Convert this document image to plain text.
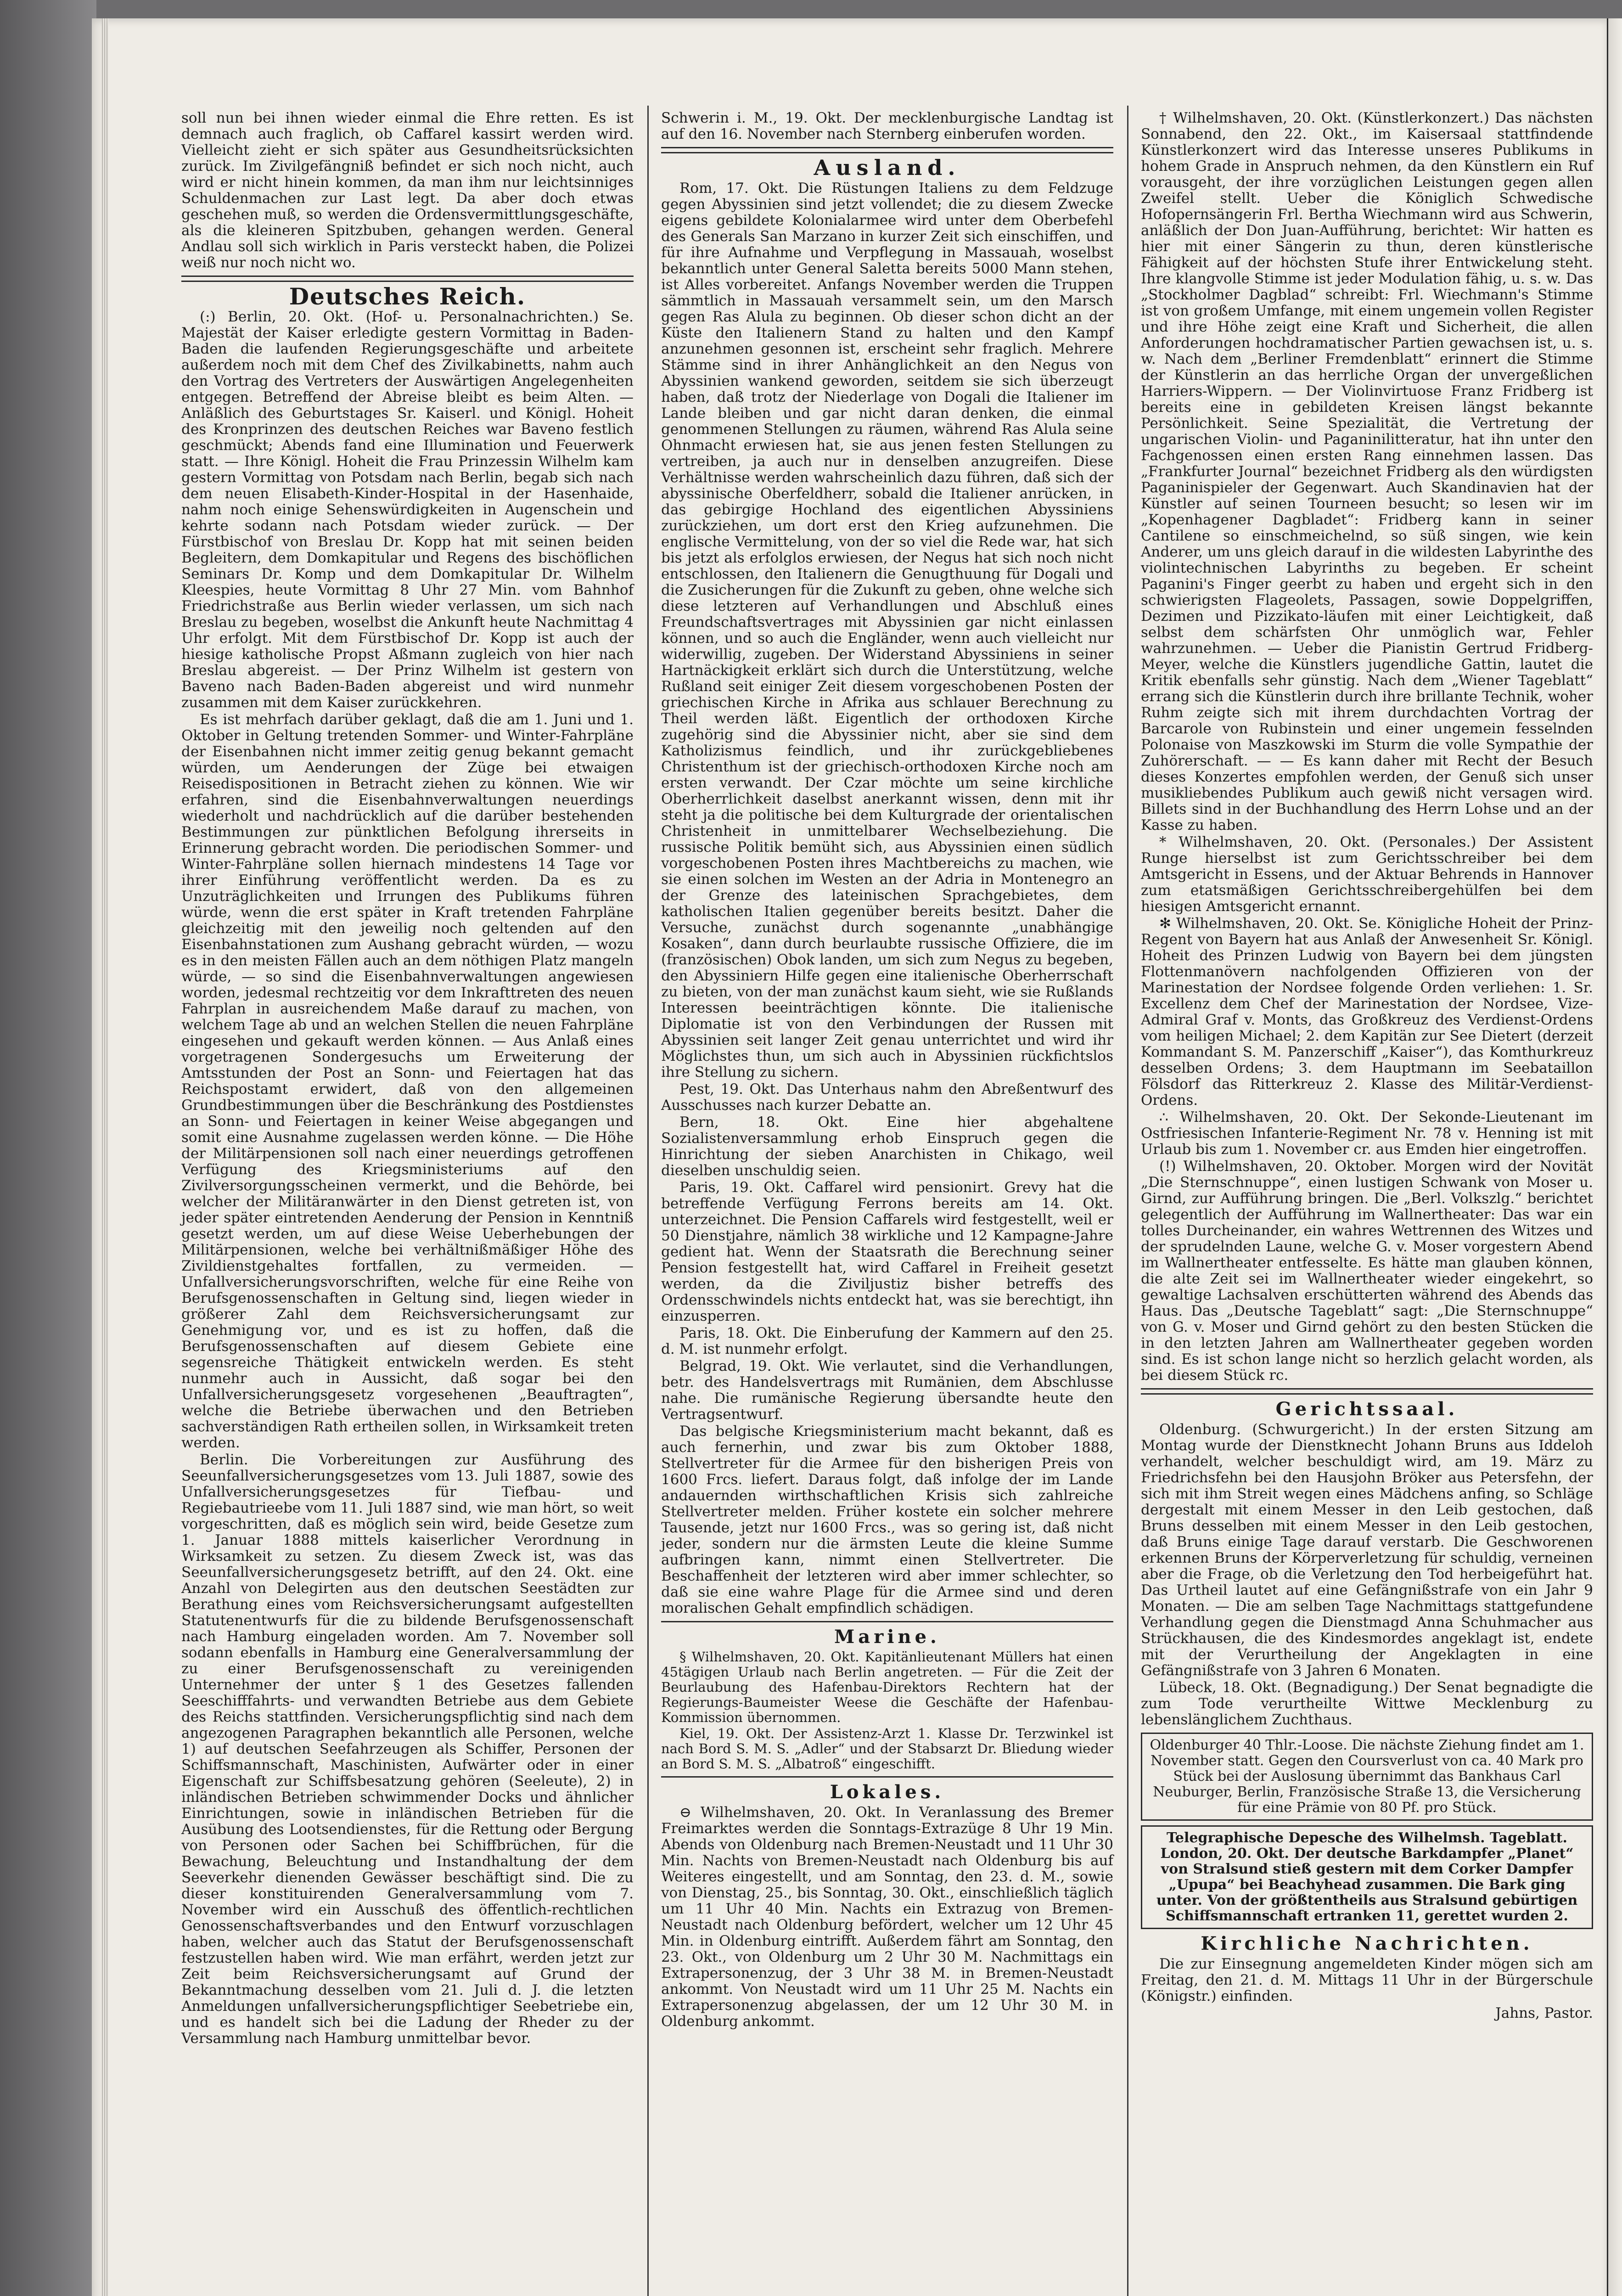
soll nun bei ihnen wieder einmal die Ehre retten. Es ist demnach auch fraglich, ob Caffarel kassirt werden wird. Vielleicht zieht er sich später aus Gesundheitsrücksichten zurück. Im Zivilgefängniß befindet er sich noch nicht, auch wird er nicht hinein kommen, da man ihm nur leichtsinniges Schuldenmachen zur Last legt. Da aber doch etwas geschehen muß, so werden die Ordensvermittlungsgeschäfte, als die kleineren Spitzbuben, gehangen werden. General Andlau soll sich wirklich in Paris versteckt haben, die Polizei weiß nur noch nicht wo.

Deutsches Reich.

(:) Berlin, 20. Okt. (Hof- u. Personalnachrichten.) Se. Majestät der Kaiser erledigte gestern Vormittag in Baden-Baden die laufenden Regierungsgeschäfte und arbeitete außerdem noch mit dem Chef des Zivilkabinetts, nahm auch den Vortrag des Vertreters der Auswärtigen Angelegenheiten entgegen. Betreffend der Abreise bleibt es beim Alten. — Anläßlich des Geburtstages Sr. Kaiserl. und Königl. Hoheit des Kronprinzen des deutschen Reiches war Baveno festlich geschmückt; Abends fand eine Illumination und Feuerwerk statt. — Ihre Königl. Hoheit die Frau Prinzessin Wilhelm kam gestern Vormittag von Potsdam nach Berlin, begab sich nach dem neuen Elisabeth-Kinder-Hospital in der Hasenhaide, nahm noch einige Sehenswürdigkeiten in Augenschein und kehrte sodann nach Potsdam wieder zurück. — Der Fürstbischof von Breslau Dr. Kopp hat mit seinen beiden Begleitern, dem Domkapitular und Regens des bischöflichen Seminars Dr. Komp und dem Domkapitular Dr. Wilhelm Kleespies, heute Vormittag 8 Uhr 27 Min. vom Bahnhof Friedrichstraße aus Berlin wieder verlassen, um sich nach Breslau zu begeben, woselbst die Ankunft heute Nachmittag 4 Uhr erfolgt. Mit dem Fürstbischof Dr. Kopp ist auch der hiesige katholische Propst Aßmann zugleich von hier nach Breslau abgereist. — Der Prinz Wilhelm ist gestern von Baveno nach Baden-Baden abgereist und wird nunmehr zusammen mit dem Kaiser zurückkehren.

Es ist mehrfach darüber geklagt, daß die am 1. Juni und 1. Oktober in Geltung tretenden Sommer- und Winter-Fahrpläne der Eisenbahnen nicht immer zeitig genug bekannt gemacht würden, um Aenderungen der Züge bei etwaigen Reisedispositionen in Betracht ziehen zu können. Wie wir erfahren, sind die Eisenbahnverwaltungen neuerdings wiederholt und nachdrücklich auf die darüber bestehenden Bestimmungen zur pünktlichen Befolgung ihrerseits in Erinnerung gebracht worden. Die periodischen Sommer- und Winter-Fahrpläne sollen hiernach mindestens 14 Tage vor ihrer Einführung veröffentlicht werden. Da es zu Unzuträglichkeiten und Irrungen des Publikums führen würde, wenn die erst später in Kraft tretenden Fahrpläne gleichzeitig mit den jeweilig noch geltenden auf den Eisenbahnstationen zum Aushang gebracht würden, — wozu es in den meisten Fällen auch an dem nöthigen Platz mangeln würde, — so sind die Eisenbahnverwaltungen angewiesen worden, jedesmal rechtzeitig vor dem Inkrafttreten des neuen Fahrplan in ausreichendem Maße darauf zu machen, von welchem Tage ab und an welchen Stellen die neuen Fahrpläne eingesehen und gekauft werden können. — Aus Anlaß eines vorgetragenen Sondergesuchs um Erweiterung der Amtsstunden der Post an Sonn- und Feiertagen hat das Reichspostamt erwidert, daß von den allgemeinen Grundbestimmungen über die Beschränkung des Postdienstes an Sonn- und Feiertagen in keiner Weise abgegangen und somit eine Ausnahme zugelassen werden könne. — Die Höhe der Militärpensionen soll nach einer neuerdings getroffenen Verfügung des Kriegsministeriums auf den Zivilversorgungsscheinen vermerkt, und die Behörde, bei welcher der Militäranwärter in den Dienst getreten ist, von jeder später eintretenden Aenderung der Pension in Kenntniß gesetzt werden, um auf diese Weise Ueberhebungen der Militärpensionen, welche bei verhältnißmäßiger Höhe des Zivildienstgehaltes fortfallen, zu vermeiden. — Unfallversicherungsvorschriften, welche für eine Reihe von Berufsgenossenschaften in Geltung sind, liegen wieder in größerer Zahl dem Reichsversicherungsamt zur Genehmigung vor, und es ist zu hoffen, daß die Berufsgenossenschaften auf diesem Gebiete eine segensreiche Thätigkeit entwickeln werden. Es steht nunmehr auch in Aussicht, daß sogar bei den Unfallversicherungsgesetz vorgesehenen „Beauftragten“, welche die Betriebe überwachen und den Betrieben sachverständigen Rath ertheilen sollen, in Wirksamkeit treten werden.

Berlin. Die Vorbereitungen zur Ausführung des Seeunfallversicherungsgesetzes vom 13. Juli 1887, sowie des Unfallversicherungsgesetzes für Tiefbau- und Regiebautrieebe vom 11. Juli 1887 sind, wie man hört, so weit vorgeschritten, daß es möglich sein wird, beide Gesetze zum 1. Januar 1888 mittels kaiserlicher Verordnung in Wirksamkeit zu setzen. Zu diesem Zweck ist, was das Seeunfallversicherungsgesetz betrifft, auf den 24. Okt. eine Anzahl von Delegirten aus den deutschen Seestädten zur Berathung eines vom Reichsversicherungsamt aufgestellten Statutenentwurfs für die zu bildende Berufsgenossenschaft nach Hamburg eingeladen worden. Am 7. November soll sodann ebenfalls in Hamburg eine Generalversammlung der zu einer Berufsgenossenschaft zu vereinigenden Unternehmer der unter § 1 des Gesetzes fallenden Seeschifffahrts- und verwandten Betriebe aus dem Gebiete des Reichs stattfinden. Versicherungspflichtig sind nach dem angezogenen Paragraphen bekanntlich alle Personen, welche 1) auf deutschen Seefahrzeugen als Schiffer, Personen der Schiffsmannschaft, Maschinisten, Aufwärter oder in einer Eigenschaft zur Schiffsbesatzung gehören (Seeleute), 2) in inländischen Betrieben schwimmender Docks und ähnlicher Einrichtungen, sowie in inländischen Betrieben für die Ausübung des Lootsendienstes, für die Rettung oder Bergung von Personen oder Sachen bei Schiffbrüchen, für die Bewachung, Beleuchtung und Instandhaltung der dem Seeverkehr dienenden Gewässer beschäftigt sind. Die zu dieser konstituirenden Generalversammlung vom 7. November wird ein Ausschuß des öffentlich-rechtlichen Genossenschaftsverbandes und den Entwurf vorzuschlagen haben, welcher auch das Statut der Berufsgenossenschaft festzustellen haben wird. Wie man erfährt, werden jetzt zur Zeit beim Reichsversicherungsamt auf Grund der Bekanntmachung desselben vom 21. Juli d. J. die letzten Anmeldungen unfallversicherungspflichtiger Seebetriebe ein, und es handelt sich bei die Ladung der Rheder zu der Versammlung nach Hamburg unmittelbar bevor.

Schwerin i. M., 19. Okt. Der mecklenburgische Landtag ist auf den 16. November nach Sternberg einberufen worden.

Ausland.

Rom, 17. Okt. Die Rüstungen Italiens zu dem Feldzuge gegen Abyssinien sind jetzt vollendet; die zu diesem Zwecke eigens gebildete Kolonialarmee wird unter dem Oberbefehl des Generals San Marzano in kurzer Zeit sich einschiffen, und für ihre Aufnahme und Verpflegung in Massauah, woselbst bekanntlich unter General Saletta bereits 5000 Mann stehen, ist Alles vorbereitet. Anfangs November werden die Truppen sämmtlich in Massauah versammelt sein, um den Marsch gegen Ras Alula zu beginnen. Ob dieser schon dicht an der Küste den Italienern Stand zu halten und den Kampf anzunehmen gesonnen ist, erscheint sehr fraglich. Mehrere Stämme sind in ihrer Anhänglichkeit an den Negus von Abyssinien wankend geworden, seitdem sie sich überzeugt haben, daß trotz der Niederlage von Dogali die Italiener im Lande bleiben und gar nicht daran denken, die einmal genommenen Stellungen zu räumen, während Ras Alula seine Ohnmacht erwiesen hat, sie aus jenen festen Stellungen zu vertreiben, ja auch nur in denselben anzugreifen. Diese Verhältnisse werden wahrscheinlich dazu führen, daß sich der abyssinische Oberfeldherr, sobald die Italiener anrücken, in das gebirgige Hochland des eigentlichen Abyssiniens zurückziehen, um dort erst den Krieg aufzunehmen. Die englische Vermittelung, von der so viel die Rede war, hat sich bis jetzt als erfolglos erwiesen, der Negus hat sich noch nicht entschlossen, den Italienern die Genugthuung für Dogali und die Zusicherungen für die Zukunft zu geben, ohne welche sich diese letzteren auf Verhandlungen und Abschluß eines Freundschaftsvertrages mit Abyssinien gar nicht einlassen können, und so auch die Engländer, wenn auch vielleicht nur widerwillig, zugeben. Der Widerstand Abyssiniens in seiner Hartnäckigkeit erklärt sich durch die Unterstützung, welche Rußland seit einiger Zeit diesem vorgeschobenen Posten der griechischen Kirche in Afrika aus schlauer Berechnung zu Theil werden läßt. Eigentlich der orthodoxen Kirche zugehörig sind die Abyssinier nicht, aber sie sind dem Katholizismus feindlich, und ihr zurückgebliebenes Christenthum ist der griechisch-orthodoxen Kirche noch am ersten verwandt. Der Czar möchte um seine kirchliche Oberherrlichkeit daselbst anerkannt wissen, denn mit ihr steht ja die politische bei dem Kulturgrade der orientalischen Christenheit in unmittelbarer Wechselbeziehung. Die russische Politik bemüht sich, aus Abyssinien einen südlich vorgeschobenen Posten ihres Machtbereichs zu machen, wie sie einen solchen im Westen an der Adria in Montenegro an der Grenze des lateinischen Sprachgebietes, dem katholischen Italien gegenüber bereits besitzt. Daher die Versuche, zunächst durch sogenannte „unabhängige Kosaken“, dann durch beurlaubte russische Offiziere, die im (französischen) Obok landen, um sich zum Negus zu begeben, den Abyssiniern Hilfe gegen eine italienische Oberherrschaft zu bieten, von der man zunächst kaum sieht, wie sie Rußlands Interessen beeinträchtigen könnte. Die italienische Diplomatie ist von den Verbindungen der Russen mit Abyssinien seit langer Zeit genau unterrichtet und wird ihr Möglichstes thun, um sich auch in Abyssinien rückfichtslos ihre Stellung zu sichern.

Pest, 19. Okt. Das Unterhaus nahm den Abreßentwurf des Ausschusses nach kurzer Debatte an.

Bern, 18. Okt. Eine hier abgehaltene Sozialistenversammlung erhob Einspruch gegen die Hinrichtung der sieben Anarchisten in Chikago, weil dieselben unschuldig seien.

Paris, 19. Okt. Caffarel wird pensionirt. Grevy hat die betreffende Verfügung Ferrons bereits am 14. Okt. unterzeichnet. Die Pension Caffarels wird festgestellt, weil er 50 Dienstjahre, nämlich 38 wirkliche und 12 Kampagne-Jahre gedient hat. Wenn der Staatsrath die Berechnung seiner Pension festgestellt hat, wird Caffarel in Freiheit gesetzt werden, da die Ziviljustiz bisher betreffs des Ordensschwindels nichts entdeckt hat, was sie berechtigt, ihn einzusperren.

Paris, 18. Okt. Die Einberufung der Kammern auf den 25. d. M. ist nunmehr erfolgt.

Belgrad, 19. Okt. Wie verlautet, sind die Verhandlungen, betr. des Handelsvertrags mit Rumänien, dem Abschlusse nahe. Die rumänische Regierung übersandte heute den Vertragsentwurf.

Das belgische Kriegsministerium macht bekannt, daß es auch fernerhin, und zwar bis zum Oktober 1888, Stellvertreter für die Armee für den bisherigen Preis von 1600 Frcs. liefert. Daraus folgt, daß infolge der im Lande andauernden wirthschaftlichen Krisis sich zahlreiche Stellvertreter melden. Früher kostete ein solcher mehrere Tausende, jetzt nur 1600 Frcs., was so gering ist, daß nicht jeder, sondern nur die ärmsten Leute die kleine Summe aufbringen kann, nimmt einen Stellvertreter. Die Beschaffenheit der letzteren wird aber immer schlechter, so daß sie eine wahre Plage für die Armee sind und deren moralischen Gehalt empfindlich schädigen.

Marine.

§ Wilhelmshaven, 20. Okt. Kapitänlieutenant Müllers hat einen 45tägigen Urlaub nach Berlin angetreten. — Für die Zeit der Beurlaubung des Hafenbau-Direktors Rechtern hat der Regierungs-Baumeister Weese die Geschäfte der Hafenbau-Kommission übernommen.

Kiel, 19. Okt. Der Assistenz-Arzt 1. Klasse Dr. Terzwinkel ist nach Bord S. M. S. „Adler“ und der Stabsarzt Dr. Bliedung wieder an Bord S. M. S. „Albatroß“ eingeschifft.

Lokales.

⊖ Wilhelmshaven, 20. Okt. In Veranlassung des Bremer Freimarktes werden die Sonntags-Extrazüge 8 Uhr 19 Min. Abends von Oldenburg nach Bremen-Neustadt und 11 Uhr 30 Min. Nachts von Bremen-Neustadt nach Oldenburg bis auf Weiteres eingestellt, und am Sonntag, den 23. d. M., sowie von Dienstag, 25., bis Sonntag, 30. Okt., einschließlich täglich um 11 Uhr 40 Min. Nachts ein Extrazug von Bremen-Neustadt nach Oldenburg befördert, welcher um 12 Uhr 45 Min. in Oldenburg eintrifft. Außerdem fährt am Sonntag, den 23. Okt., von Oldenburg um 2 Uhr 30 M. Nachmittags ein Extrapersonenzug, der 3 Uhr 38 M. in Bremen-Neustadt ankommt. Von Neustadt wird um 11 Uhr 25 M. Nachts ein Extrapersonenzug abgelassen, der um 12 Uhr 30 M. in Oldenburg ankommt.

† Wilhelmshaven, 20. Okt. (Künstlerkonzert.) Das nächsten Sonnabend, den 22. Okt., im Kaisersaal stattfindende Künstlerkonzert wird das Interesse unseres Publikums in hohem Grade in Anspruch nehmen, da den Künstlern ein Ruf vorausgeht, der ihre vorzüglichen Leistungen gegen allen Zweifel stellt. Ueber die Königlich Schwedische Hofopernsängerin Frl. Bertha Wiechmann wird aus Schwerin, anläßlich der Don Juan-Aufführung, berichtet: Wir hatten es hier mit einer Sängerin zu thun, deren künstlerische Fähigkeit auf der höchsten Stufe ihrer Entwickelung steht. Ihre klangvolle Stimme ist jeder Modulation fähig, u. s. w. Das „Stockholmer Dagblad“ schreibt: Frl. Wiechmann's Stimme ist von großem Umfange, mit einem ungemein vollen Register und ihre Höhe zeigt eine Kraft und Sicherheit, die allen Anforderungen hochdramatischer Partien gewachsen ist, u. s. w. Nach dem „Berliner Fremdenblatt“ erinnert die Stimme der Künstlerin an das herrliche Organ der unvergeßlichen Harriers-Wippern. — Der Violinvirtuose Franz Fridberg ist bereits eine in gebildeten Kreisen längst bekannte Persönlichkeit. Seine Spezialität, die Vertretung der ungarischen Violin- und Paganinilitteratur, hat ihn unter den Fachgenossen einen ersten Rang einnehmen lassen. Das „Frankfurter Journal“ bezeichnet Fridberg als den würdigsten Paganinispieler der Gegenwart. Auch Skandinavien hat der Künstler auf seinen Tourneen besucht; so lesen wir im „Kopenhagener Dagbladet“: Fridberg kann in seiner Cantilene so einschmeichelnd, so süß singen, wie kein Anderer, um uns gleich darauf in die wildesten Labyrinthe des violintechnischen Labyrinths zu begeben. Er scheint Paganini's Finger geerbt zu haben und ergeht sich in den schwierigsten Flageolets, Passagen, sowie Doppelgriffen, Dezimen und Pizzikato-läufen mit einer Leichtigkeit, daß selbst dem schärfsten Ohr unmöglich war, Fehler wahrzunehmen. — Ueber die Pianistin Gertrud Fridberg-Meyer, welche die Künstlers jugendliche Gattin, lautet die Kritik ebenfalls sehr günstig. Nach dem „Wiener Tageblatt“ errang sich die Künstlerin durch ihre brillante Technik, woher Ruhm zeigte sich mit ihrem durchdachten Vortrag der Barcarole von Rubinstein und einer ungemein fesselnden Polonaise von Maszkowski im Sturm die volle Sympathie der Zuhörerschaft. — — Es kann daher mit Recht der Besuch dieses Konzertes empfohlen werden, der Genuß sich unser musikliebendes Publikum auch gewiß nicht versagen wird. Billets sind in der Buchhandlung des Herrn Lohse und an der Kasse zu haben.

* Wilhelmshaven, 20. Okt. (Personales.) Der Assistent Runge hierselbst ist zum Gerichtsschreiber bei dem Amtsgericht in Essens, und der Aktuar Behrends in Hannover zum etatsmäßigen Gerichtsschreibergehülfen bei dem hiesigen Amtsgericht ernannt.

✻ Wilhelmshaven, 20. Okt. Se. Königliche Hoheit der Prinz-Regent von Bayern hat aus Anlaß der Anwesenheit Sr. Königl. Hoheit des Prinzen Ludwig von Bayern bei dem jüngsten Flottenmanövern nachfolgenden Offizieren von der Marinestation der Nordsee folgende Orden verliehen: 1. Sr. Excellenz dem Chef der Marinestation der Nordsee, Vize-Admiral Graf v. Monts, das Großkreuz des Verdienst-Ordens vom heiligen Michael; 2. dem Kapitän zur See Dietert (derzeit Kommandant S. M. Panzerschiff „Kaiser“), das Komthurkreuz desselben Ordens; 3. dem Hauptmann im Seebataillon Fölsdorf das Ritterkreuz 2. Klasse des Militär-Verdienst-Ordens.

∴ Wilhelmshaven, 20. Okt. Der Sekonde-Lieutenant im Ostfriesischen Infanterie-Regiment Nr. 78 v. Henning ist mit Urlaub bis zum 1. November cr. aus Emden hier eingetroffen.

(!) Wilhelmshaven, 20. Oktober. Morgen wird der Novität „Die Sternschnuppe“, einen lustigen Schwank von Moser u. Girnd, zur Aufführung bringen. Die „Berl. Volkszlg.“ berichtet gelegentlich der Aufführung im Wallnertheater: Das war ein tolles Durcheinander, ein wahres Wettrennen des Witzes und der sprudelnden Laune, welche G. v. Moser vorgestern Abend im Wallnertheater entfesselte. Es hätte man glauben können, die alte Zeit sei im Wallnertheater wieder eingekehrt, so gewaltige Lachsalven erschütterten während des Abends das Haus. Das „Deutsche Tageblatt“ sagt: „Die Sternschnuppe“ von G. v. Moser und Girnd gehört zu den besten Stücken die in den letzten Jahren am Wallnertheater gegeben worden sind. Es ist schon lange nicht so herzlich gelacht worden, als bei diesem Stück rc.

Gerichtssaal.

Oldenburg. (Schwurgericht.) In der ersten Sitzung am Montag wurde der Dienstknecht Johann Bruns aus Iddeloh verhandelt, welcher beschuldigt wird, am 19. März zu Friedrichsfehn bei den Hausjohn Bröker aus Petersfehn, der sich mit ihm Streit wegen eines Mädchens anfing, so Schläge dergestalt mit einem Messer in den Leib gestochen, daß Bruns desselben mit einem Messer in den Leib gestochen, daß Bruns einige Tage darauf verstarb. Die Geschworenen erkennen Bruns der Körperverletzung für schuldig, verneinen aber die Frage, ob die Verletzung den Tod herbeigeführt hat. Das Urtheil lautet auf eine Gefängnißstrafe von ein Jahr 9 Monaten. — Die am selben Tage Nachmittags stattgefundene Verhandlung gegen die Dienstmagd Anna Schuhmacher aus Strückhausen, die des Kindesmordes angeklagt ist, endete mit der Verurtheilung der Angeklagten in eine Gefängnißstrafe von 3 Jahren 6 Monaten.

Lübeck, 18. Okt. (Begnadigung.) Der Senat begnadigte die zum Tode verurtheilte Wittwe Mecklenburg zu lebenslänglichem Zuchthaus.

Oldenburger 40 Thlr.-Loose. Die nächste Ziehung findet am 1. November statt. Gegen den Coursverlust von ca. 40 Mark pro Stück bei der Auslosung übernimmt das Bankhaus Carl Neuburger, Berlin, Französische Straße 13, die Versicherung für eine Prämie von 80 Pf. pro Stück.
Telegraphische Depesche des Wilhelmsh. Tageblatt.
London, 20. Okt. Der deutsche Barkdampfer „Planet“ von Stralsund stieß gestern mit dem Corker Dampfer „Upupa“ bei Beachyhead zusammen. Die Bark ging unter. Von der größtentheils aus Stralsund gebürtigen Schiffsmannschaft ertranken 11, gerettet wurden 2.
Kirchliche Nachrichten.

Die zur Einsegnung angemeldeten Kinder mögen sich am Freitag, den 21. d. M. Mittags 11 Uhr in der Bürgerschule (Königstr.) einfinden.

Jahns, Pastor.
